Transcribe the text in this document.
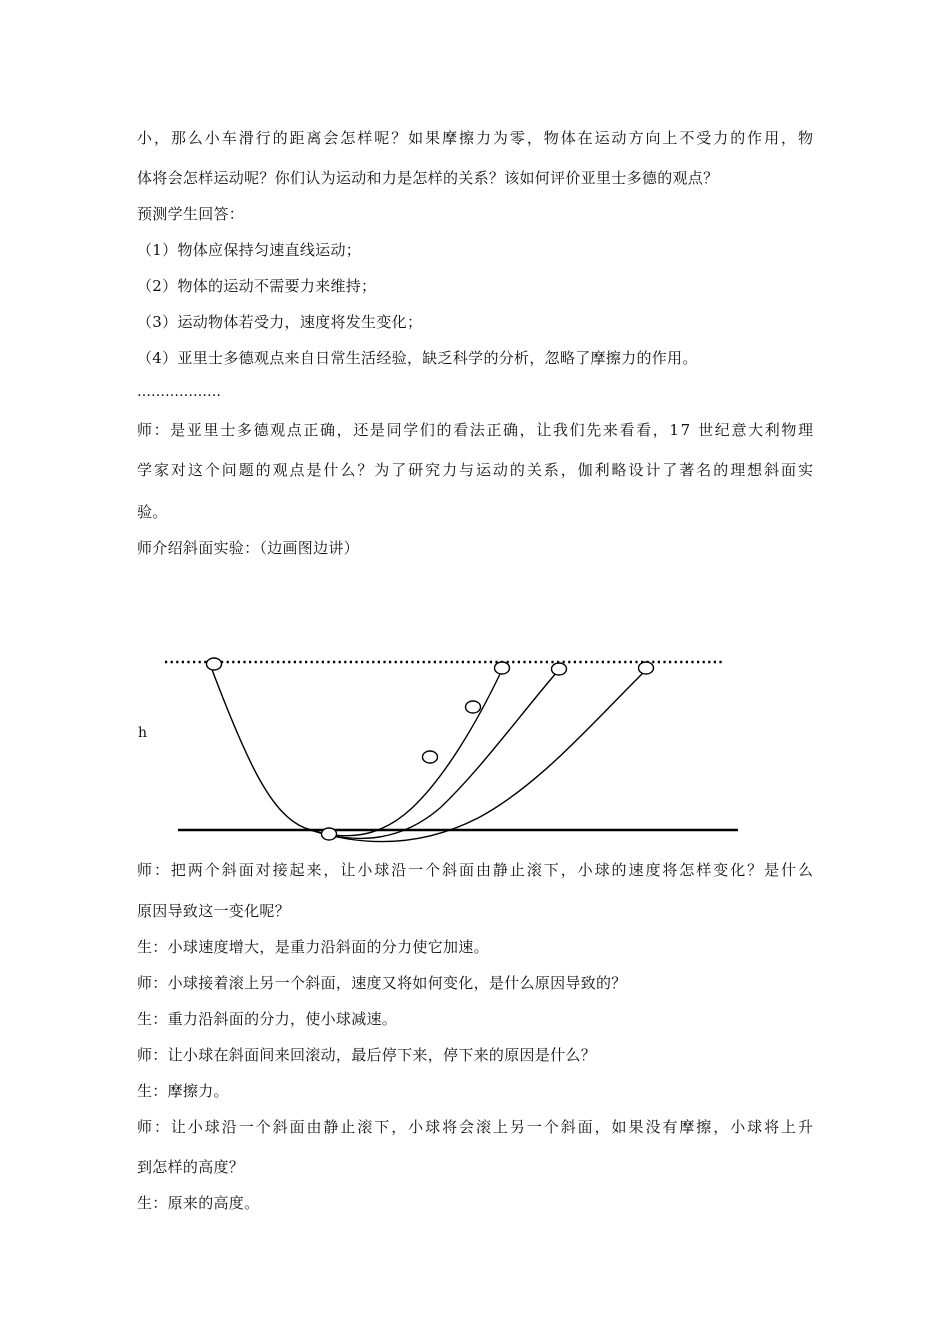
小，那么小车滑行的距离会怎样呢？如果摩擦力为零，物体在运动方向上不受力的作用，物
体将会怎样运动呢？你们认为运动和力是怎样的关系？该如何评价亚里士多德的观点？
预测学生回答：
（1）物体应保持匀速直线运动；
（2）物体的运动不需要力来维持；
（3）运动物体若受力，速度将发生变化；
（4）亚里士多德观点来自日常生活经验，缺乏科学的分析，忽略了摩擦力的作用。
………………
师：是亚里士多德观点正确，还是同学们的看法正确，让我们先来看看，17 世纪意大利物理
学家对这个问题的观点是什么？为了研究力与运动的关系，伽利略设计了著名的理想斜面实
验。
师介绍斜面实验：（边画图边讲）
h
师：把两个斜面对接起来，让小球沿一个斜面由静止滚下，小球的速度将怎样变化？是什么
原因导致这一变化呢？
生：小球速度增大，是重力沿斜面的分力使它加速。
师：小球接着滚上另一个斜面，速度又将如何变化，是什么原因导致的？
生：重力沿斜面的分力，使小球减速。
师：让小球在斜面间来回滚动，最后停下来，停下来的原因是什么？
生：摩擦力。
师：让小球沿一个斜面由静止滚下，小球将会滚上另一个斜面，如果没有摩擦，小球将上升
到怎样的高度？
生：原来的高度。
